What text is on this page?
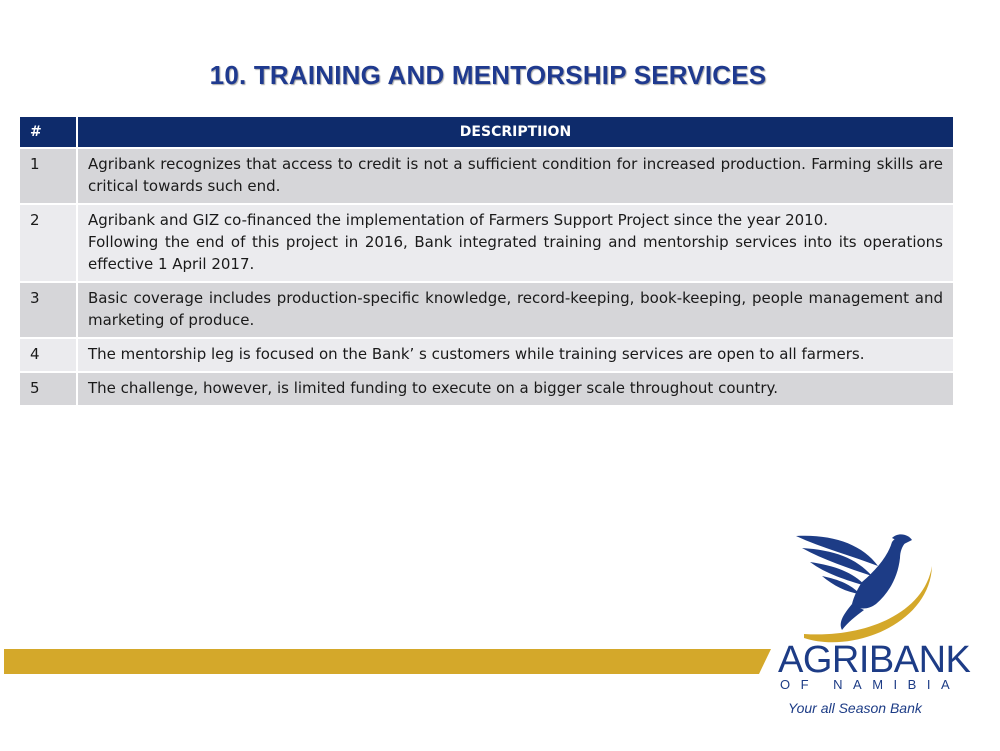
10. TRAINING AND MENTORSHIP SERVICES
#	DESCRIPTIION
1	Agribank recognizes that access to credit is not a sufficient condition for increased production. Farming skills are critical towards such end.

2	Agribank and GIZ co-financed the implementation of Farmers Support Project since the year 2010.
Following the end of this project in 2016, Bank integrated training and mentorship services into its operations effective 1 April 2017.

3	Basic coverage includes production-specific knowledge, record-keeping, book-keeping, people management and marketing of produce.

4	The mentorship leg is focused on the Bank’ s customers while training services are open to all farmers.

5	The challenge, however, is limited funding to execute on a bigger scale throughout country.
AGRIBANK
OF NAMIBIA
Your all Season Bank
